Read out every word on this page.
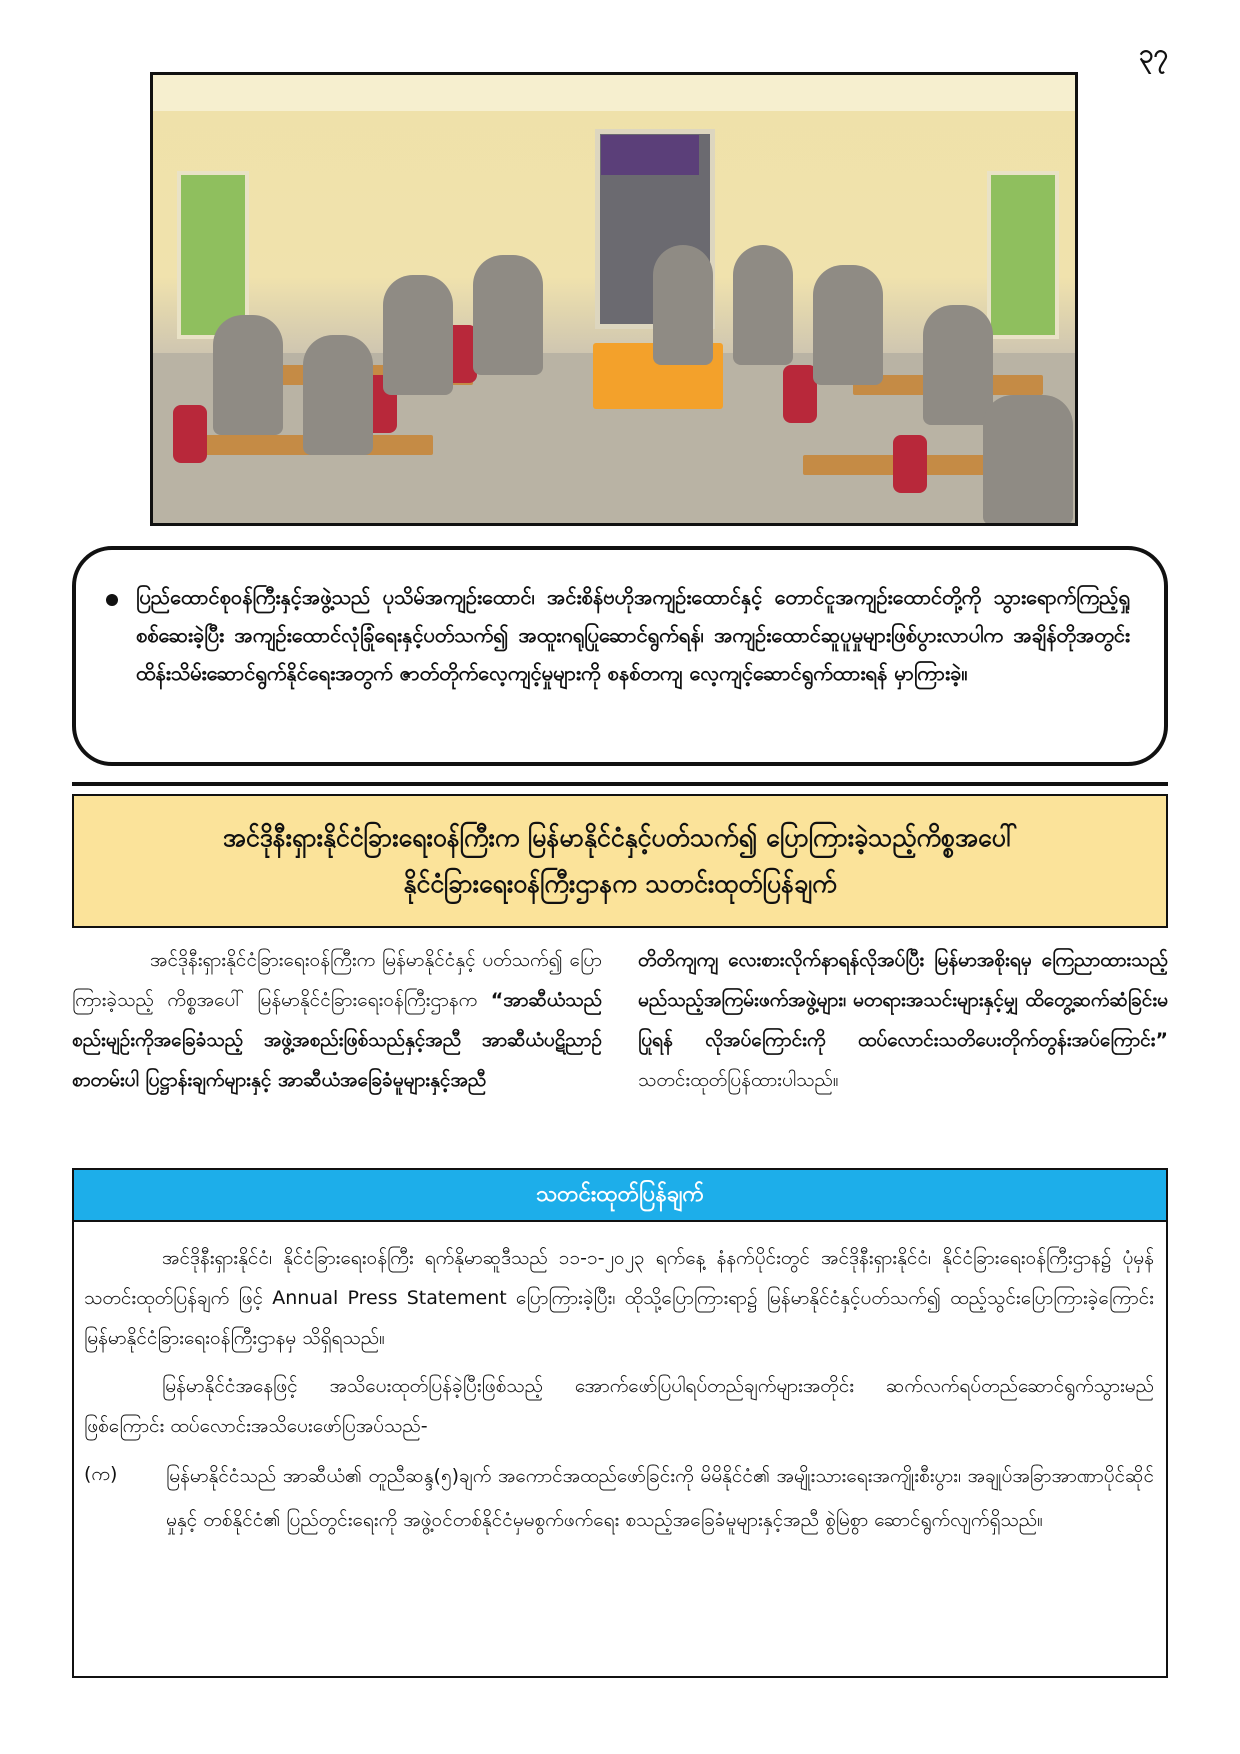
၃၇

ပြည်ထောင်စုဝန်ကြီးနှင့်အဖွဲ့သည် ပုသိမ်အကျဉ်းထောင်၊ အင်းစိန်ဗဟိုအကျဉ်းထောင်နှင့် တောင်ငူအကျဉ်းထောင်တို့ကို သွားရောက်ကြည့်ရှုစစ်ဆေးခဲ့ပြီး အကျဉ်းထောင်လုံခြုံရေးနှင့်ပတ်သက်၍ အထူးဂရုပြုဆောင်ရွက်ရန်၊ အကျဉ်းထောင်ဆူပူမှုများဖြစ်ပွားလာပါက အချိန်တိုအတွင်း ထိန်းသိမ်းဆောင်ရွက်နိုင်ရေးအတွက် ဇာတ်တိုက်လေ့ကျင့်မှုများကို စနစ်တကျ လေ့ကျင့်ဆောင်ရွက်ထားရန် မှာကြားခဲ့။

အင်ဒိုနီးရှားနိုင်ငံခြားရေးဝန်ကြီးက မြန်မာနိုင်ငံနှင့်ပတ်သက်၍ ပြောကြားခဲ့သည့်ကိစ္စအပေါ်
နိုင်ငံခြားရေးဝန်ကြီးဌာနက သတင်းထုတ်ပြန်ချက်

အင်ဒိုနီးရှားနိုင်ငံခြားရေးဝန်ကြီးက မြန်မာနိုင်ငံနှင့် ပတ်သက်၍ ပြောကြားခဲ့သည့် ကိစ္စအပေါ် မြန်မာနိုင်ငံခြားရေးဝန်ကြီးဌာနက “အာဆီယံသည် စည်းမျဉ်းကိုအခြေခံသည့် အဖွဲ့အစည်းဖြစ်သည်နှင့်အညီ အာဆီယံပဋိညာဉ်စာတမ်းပါ ပြဋ္ဌာန်းချက်များနှင့် အာဆီယံအခြေခံမူများနှင့်အညီ

တိတိကျကျ လေးစားလိုက်နာရန်လိုအပ်ပြီး မြန်မာအစိုးရမှ ကြေညာထားသည့် မည်သည့်အကြမ်းဖက်အဖွဲ့များ၊ မတရားအသင်းများနှင့်မျှ ထိတွေ့ဆက်ဆံခြင်းမပြုရန် လိုအပ်ကြောင်းကို ထပ်လောင်းသတိပေးတိုက်တွန်းအပ်ကြောင်း” သတင်းထုတ်ပြန်ထားပါသည်။

သတင်းထုတ်ပြန်ချက်

အင်ဒိုနီးရှားနိုင်ငံ၊ နိုင်ငံခြားရေးဝန်ကြီး ရက်နိုမာဆူဒီသည် ၁၁-၁-၂၀၂၃ ရက်နေ့ နံနက်ပိုင်းတွင် အင်ဒိုနီးရှားနိုင်ငံ၊ နိုင်ငံခြားရေးဝန်ကြီးဌာန၌ ပုံမှန်သတင်းထုတ်ပြန်ချက် ဖြင့် Annual Press Statement ပြောကြားခဲ့ပြီး၊ ထိုသို့ပြောကြားရာ၌ မြန်မာနိုင်ငံနှင့်ပတ်သက်၍ ထည့်သွင်းပြောကြားခဲ့ကြောင်း မြန်မာနိုင်ငံခြားရေးဝန်ကြီးဌာနမှ သိရှိရသည်။

မြန်မာနိုင်ငံအနေဖြင့် အသိပေးထုတ်ပြန်ခဲ့ပြီးဖြစ်သည့် အောက်ဖော်ပြပါရပ်တည်ချက်များအတိုင်း ဆက်လက်ရပ်တည်ဆောင်ရွက်သွားမည်ဖြစ်ကြောင်း ထပ်လောင်းအသိပေးဖော်ပြအပ်သည်-

(က)	မြန်မာနိုင်ငံသည် အာဆီယံ၏ တူညီဆန္ဒ(၅)ချက် အကောင်အထည်ဖော်ခြင်းကို မိမိနိုင်ငံ၏ အမျိုးသားရေးအကျိုးစီးပွား၊ အချုပ်အခြာအာဏာပိုင်ဆိုင်မှုနှင့် တစ်နိုင်ငံ၏ ပြည်တွင်းရေးကို အဖွဲ့ဝင်တစ်နိုင်ငံမှမစွက်ဖက်ရေး စသည့်အခြေခံမူများနှင့်အညီ စွဲမြဲစွာ ဆောင်ရွက်လျက်ရှိသည်။
